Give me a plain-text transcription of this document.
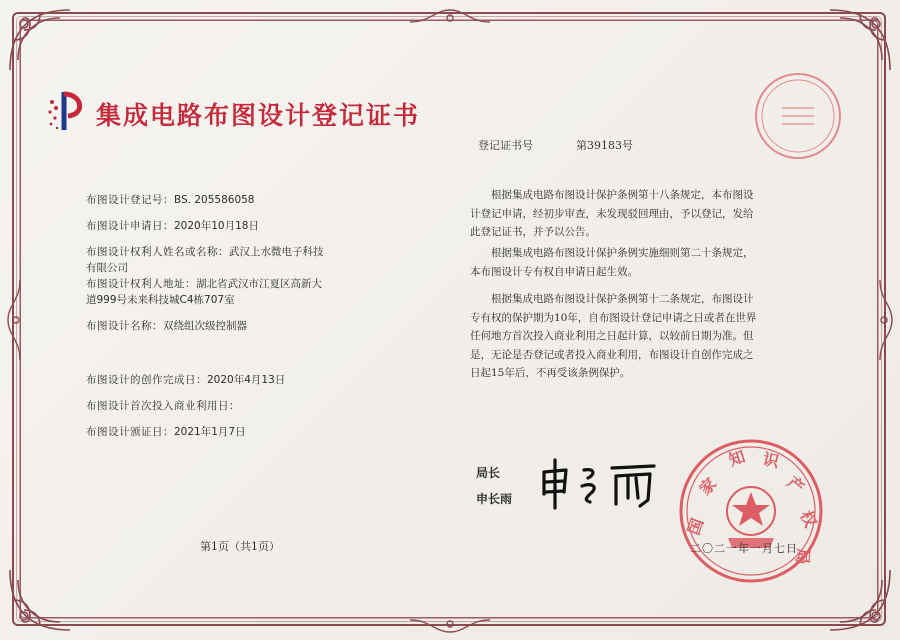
集成电路布图设计登记证书
登记证书号	第39183号
布图设计登记号：BS. 205586058
布图设计申请日：2020年10月18日
布图设计权利人姓名或名称：武汉上水微电子科技
有限公司
布图设计权利人地址：湖北省武汉市江夏区高新大
道999号未来科技城C4栋707室
布图设计名称：双绕组次级控制器
布图设计的创作完成日：2020年4月13日
布图设计首次投入商业利用日：
布图设计颁证日：2021年1月7日
根据集成电路布图设计保护条例第十八条规定，本布图设
计登记申请，经初步审查，未发现驳回理由，予以登记，发给
此登记证书，并予以公告。
根据集成电路布图设计保护条例实施细则第二十条规定，
本布图设计专有权自申请日起生效。
根据集成电路布图设计保护条例第十二条规定，布图设计
专有权的保护期为10年，自布图设计登记申请之日或者在世界
任何地方首次投入商业利用之日起计算，以较前日期为准。但
是，无论是否登记或者投入商业利用，布图设计自创作完成之
日起15年后，不再受该条例保护。
局长
申长雨
国
家
知 识
产
权
局
第1页（共1页）	二〇二一年一月七日
